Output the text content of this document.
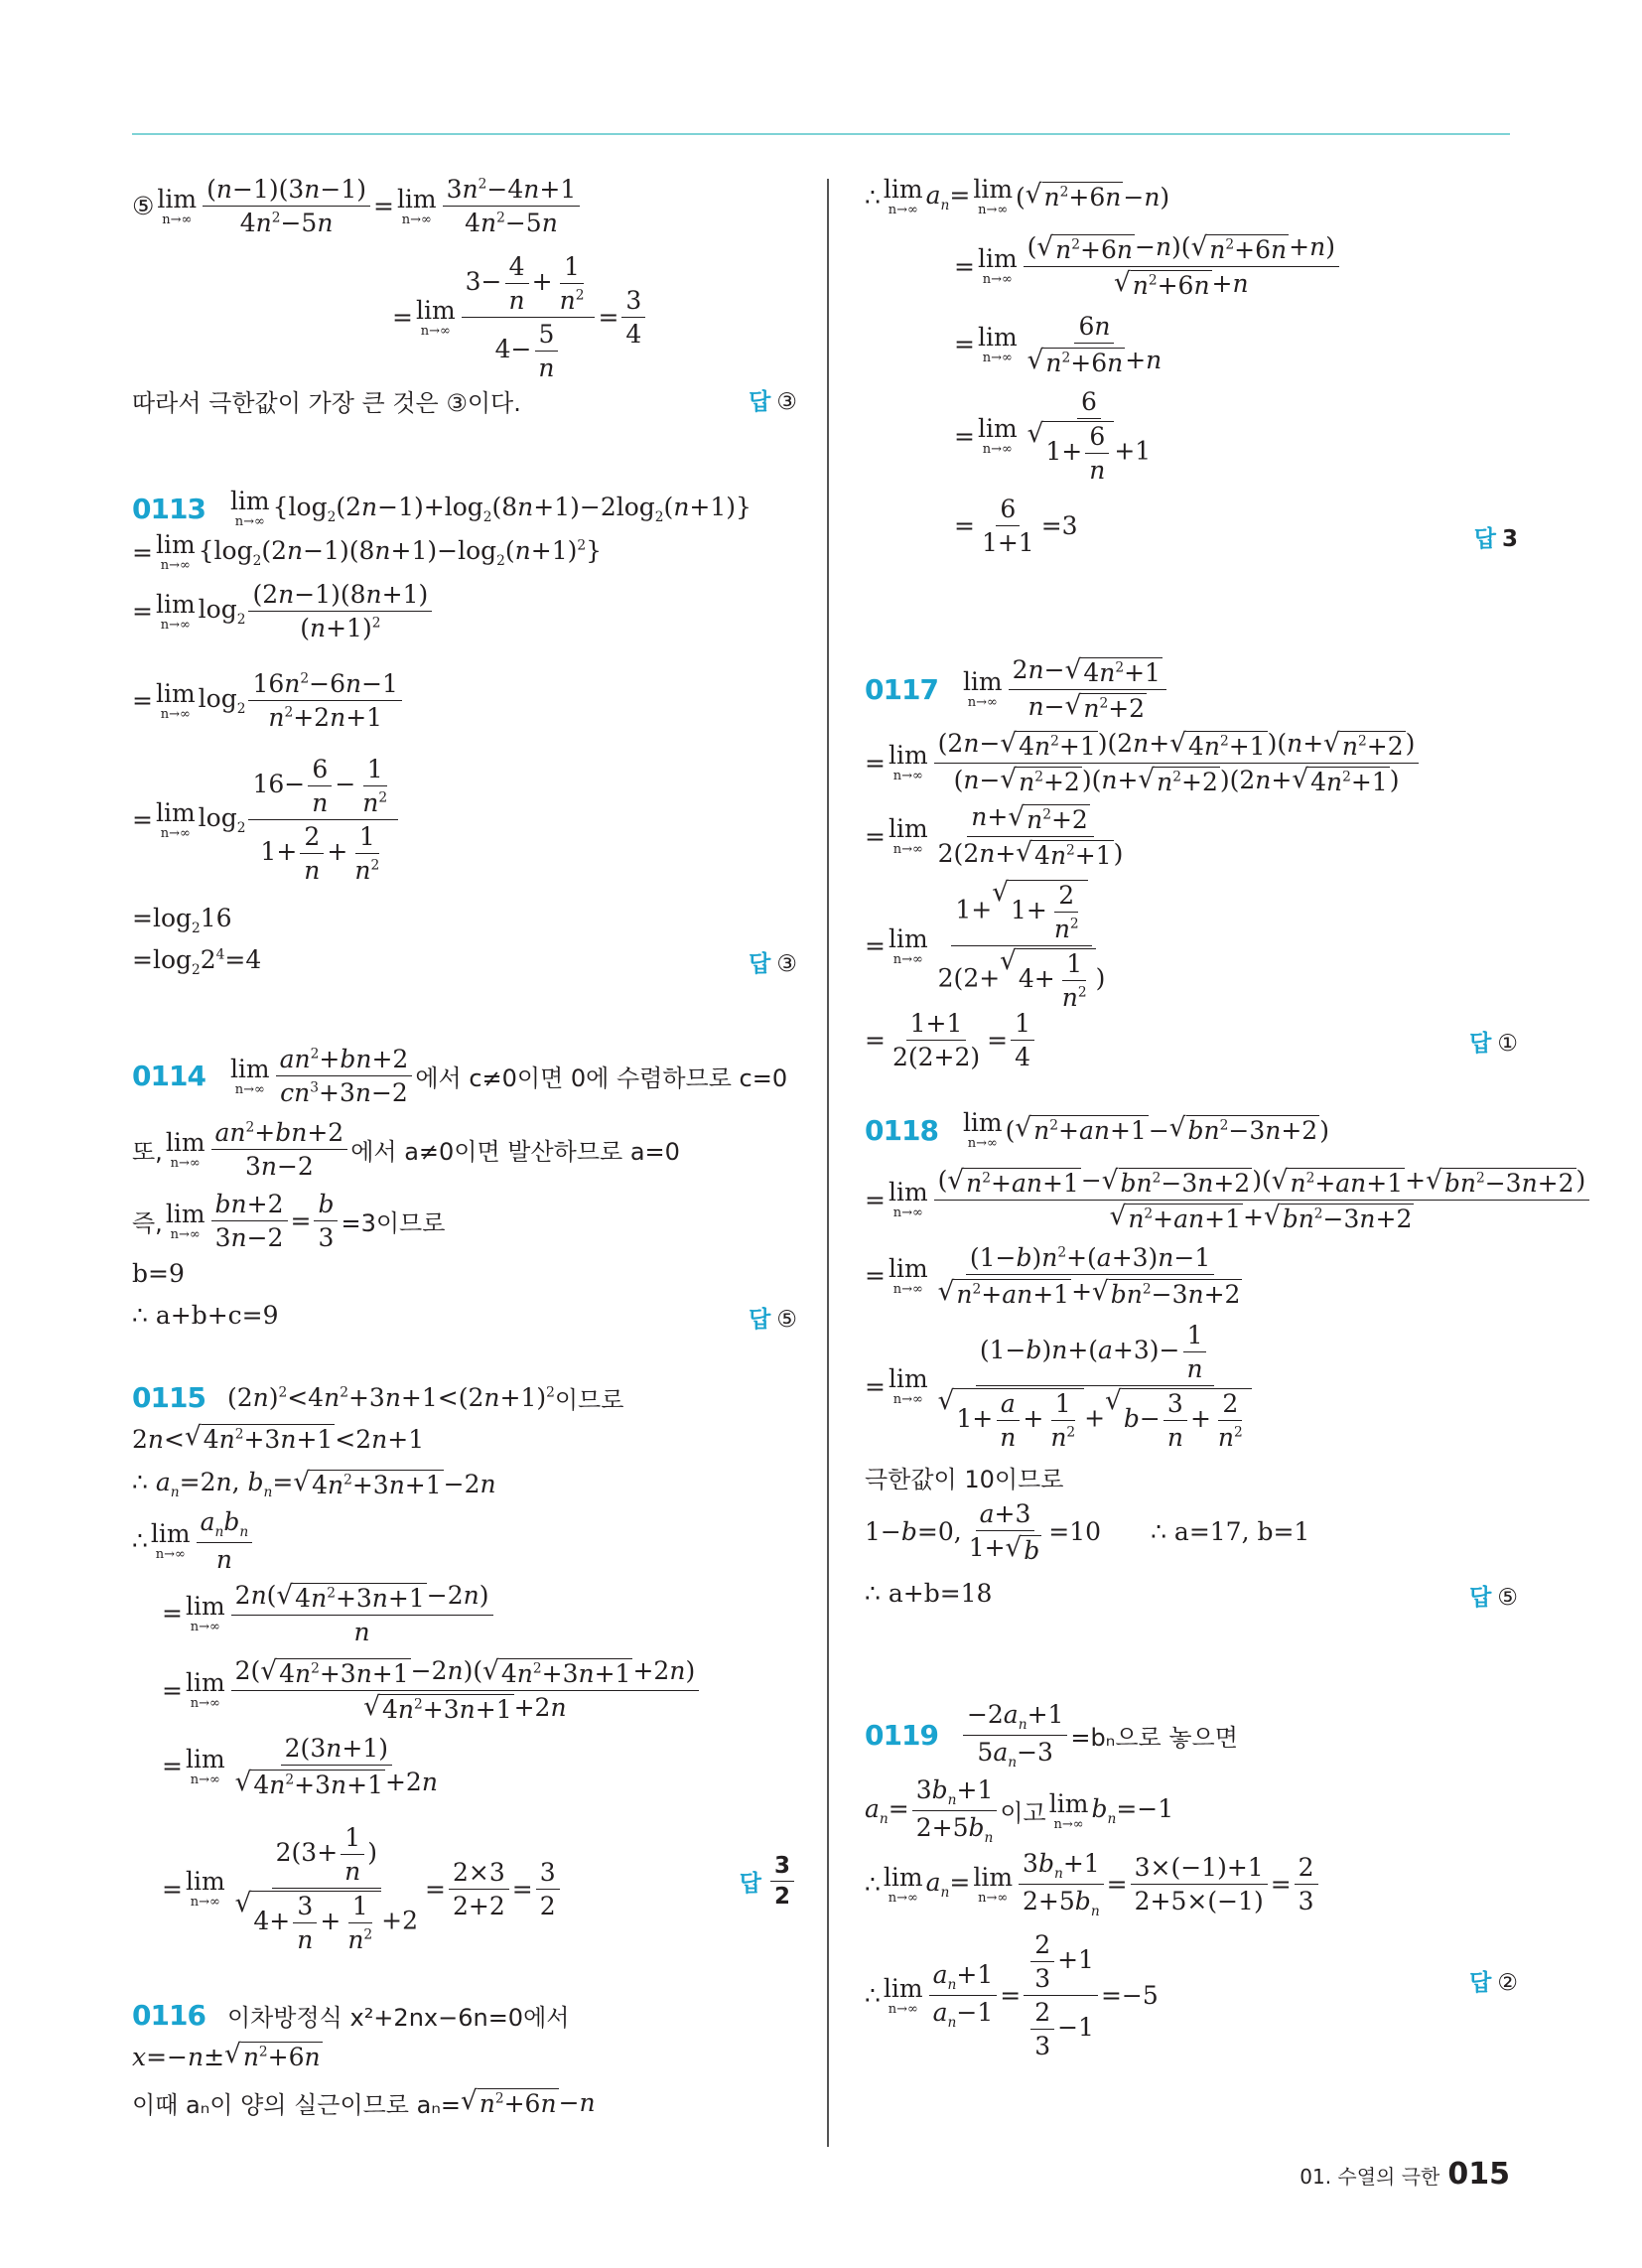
⑤ lim
$n\to\infty \frac{(n-1)(3n-1)}{4n^2-5n} = \lim$
$n\to\infty \frac{3n^2-4n+1}{4n^2-5n}$
= lim
$n\to\infty \frac{3- \frac{4}{n} + \frac{1}{n^2}}{4- \frac{5}{n}} = \frac{3}{4}$
따라서 극한값이 가장 큰 것은 ③이다.	답 ③
0113 lim
n→∞
$\{\log_2(2n-1)+\log_2(8n+1)-2\log_2(n+1)\}$
= lim
n→∞
$\{\log_2(2n-1)(8n+1)-\log_2(n+1)^2\}$
= lim
n→∞
$\log_2 \frac{(2n-1)(8n+1)}{(n+1)^2}$
= lim
n→∞
$\log_2 \frac{16n^2-6n-1}{n^2+2n+1}$
= lim
n→∞
$\log_2 \frac{16- \frac{6}{n} - \frac{1}{n^2}}{1+ \frac{2}{n} + \frac{1}{n^2}}$
$=\log_216$
$=\log_22^4=4$	답 ③
0114 lim
$n\to\infty \frac{an^2+bn+2}{cn^3+3n-2}$ 에서 c≠0이면 0에 수렴하므로 c=0
또, lim
$n\to\infty \frac{an^2+bn+2}{3n-2}$ 에서 a≠0이면 발산하므로 a=0
즉, lim
$n\to\infty \frac{bn+2}{3n-2} = \frac{b}{3} =3$이므로
b=9
∴ a+b+c=9	답 ⑤
0115 $(2n)^2<4n^2+3n+1<(2n+1)^2$ 이므로
2n< √ $4n^2+3n+1 <2n+1$
∴ $a_n=2n$, $b_n=$ √ $4n^2+3n+1 -2n$
∴ lim
$n\to\infty \frac{a_nb_n}{n}$
= lim
$n\to\infty \frac{2n( √ 4n^2+3n+1 -2n)}{n}$
= lim
$n\to\infty \frac{2( √ 4n^2+3n+1 -2n)( √ 4n^2+3n+1 +2n)}{√ 4n^2+3n+1 +2n}$
= lim
$n\to\infty \frac{2(3n+1)}{√ 4n^2+3n+1 +2n}$
= lim
n→∞ $2(3+ \frac{1}{n}$ )
√
$4+ \frac{3}{n} + \frac{1}{n^2} +2 = \frac{2\times 3}{2+2} = \frac{3}{2}$	답 $\frac{3}{2}$
0116 이차방정식 x²+2nx−6n=0에서
x=−n± √ $n^2+6n$
이때 aₙ이 양의 실근이므로 aₙ= √ $n^2+6n -n$
∴ lim
n→∞
$a_n= \lim$
n→∞ ( √ $n^2+6n -n$)
= lim
$n\to\infty \frac{( √ n^2+6n -n)( √ n^2+6n +n)}{√ n^2+6n +n}$
= lim
$n\to\infty \frac{6n}{√ n^2+6n +n}$
= lim
n→∞ 6
√
$1+ \frac{6}{n} +1$
= $\frac{6}{1+1} =3$	답 3
0117 lim
$n\to\infty \frac{2n- √ 4n^2+1}{n- √ n^2+2}$
= lim
$n\to\infty \frac{(2n- √ 4n^2+1 )(2n+ √ 4n^2+1 )(n+ √ n^2+2 )}{(n- √ n^2+2 )(n+ √ n^2+2 )(2n+ √ 4n^2+1 )}$
= lim
$n\to\infty \frac{n+ √ n^2+2}{2(2n+ √ 4n^2+1 )}$
= lim
n→∞ 1+
√
$1+ \frac{2}{n^2}$
2(2+
√
$4+ \frac{1}{n^2}$ )
= $\frac{1+1}{2(2+2)} = \frac{1}{4}$	답 ①
0118 lim
n→∞ ( √ $n^2+an+1$ − √ $bn^2-3n+2$ )
= lim
$n\to\infty \frac{( √ n^2+an+1 - √ bn^2-3n+2 )( √ n^2+an+1 + √ bn^2-3n+2 )}{√ n^2+an+1 + √ bn^2-3n+2}$
= lim
$n\to\infty \frac{(1-b)n^2+(a+3)n-1}{√ n^2+an+1 + √ bn^2-3n+2}$
= lim
n→∞ $(1-b)n+(a+3)- \frac{1}{n}$
√
$1+ \frac{a}{n} + \frac{1}{n^2}$ +
√
$b- \frac{3}{n} + \frac{2}{n^2}$
극한값이 10이므로
1−b=0, $\frac{a+3}{1+ √ b} =10$ ∴ a=17, b=1
∴ a+b=18	답 ⑤
$0119 \frac{-2a_n+1}{5a_n-3} =b_n$으로 놓으면
$a_n= \frac{3b_n+1}{2+5b_n}$ 이고 lim
n→∞
$b_n=-1$
∴ lim
n→∞
$a_n= \lim$
$n\to\infty \frac{3b_n+1}{2+5b_n} = \frac{3\times(-1)+1}{2+5\times(-1)} = \frac{2}{3}$
∴ lim
$n\to\infty \frac{a_n+1}{a_n-1} = \frac{\frac{2}{3} +1}{\frac{2}{3} -1} =-5$	답 ②
01. 수열의 극한 015
